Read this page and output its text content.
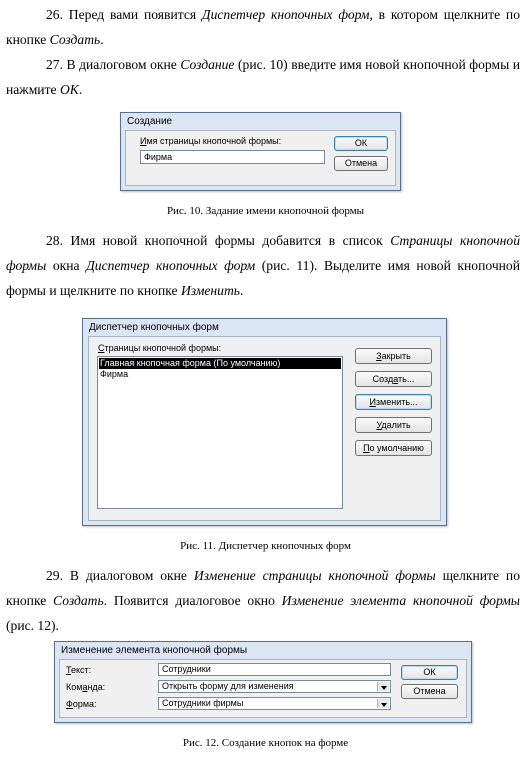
26. Перед вами появится Диспетчер кнопочных форм, в котором щелкните по кнопке Создать.

27. В диалоговом окне Создание (рис. 10) введите имя новой кнопочной формы и нажмите ОК.

Создание
Имя страницы кнопочной формы:
Фирма
ОК
Отмена
Рис. 10. Задание имени кнопочной формы

28. Имя новой кнопочной формы добавится в список Страницы кнопочной формы окна Диспетчер кнопочных форм (рис. 11). Выделите имя новой кнопочной формы и щелкните по кнопке Изменить.

Диспетчер кнопочных форм
Страницы кнопочной формы:
Главная кнопочная форма (По умолчанию)
Фирма
Закрыть
Создать...
Изменить...
Удалить
По умолчанию
Рис. 11. Диспетчер кнопочных форм

29. В диалоговом окне Изменение страницы кнопочной формы щелкните по кнопке Создать. Появится диалоговое окно Изменение элемента кнопочной формы (рис. 12).

Изменение элемента кнопочной формы
Текст:	Сотрудники
Команда:	Открыть форму для изменения
Форма:	Сотрудники фирмы
ОК
Отмена
Рис. 12. Создание кнопок на форме
